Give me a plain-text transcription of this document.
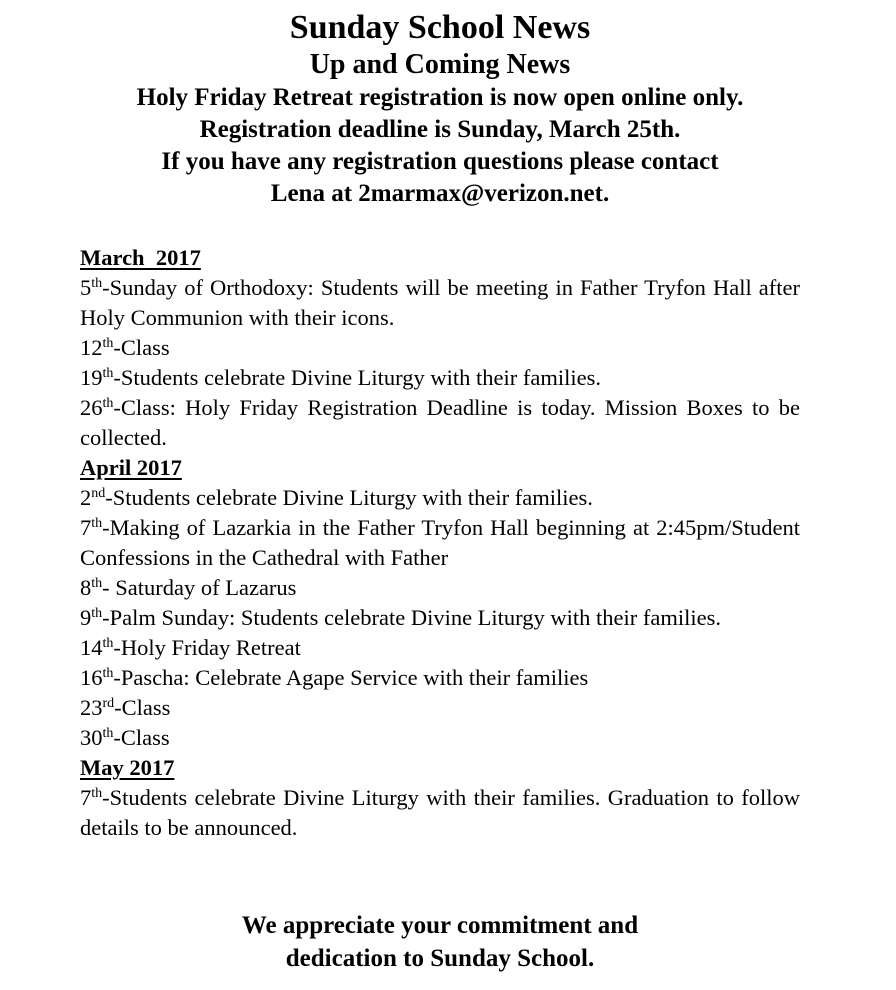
Sunday School News
Up and Coming News
Holy Friday Retreat registration is now open online only.
Registration deadline is Sunday, March 25th.
If you have any registration questions please contact
Lena at 2marmax@verizon.net.
March  2017
5th-Sunday of Orthodoxy: Students will be meeting in Father Tryfon Hall after Holy Communion with their icons.
12th-Class
19th-Students celebrate Divine Liturgy with their families.
26th-Class: Holy Friday Registration Deadline is today. Mission Boxes to be collected.
April 2017
2nd-Students celebrate Divine Liturgy with their families.
7th-Making of Lazarkia in the Father Tryfon Hall beginning at 2:45pm/Student Confessions in the Cathedral with Father
8th- Saturday of Lazarus
9th-Palm Sunday: Students celebrate Divine Liturgy with their families.
14th-Holy Friday Retreat
16th-Pascha: Celebrate Agape Service with their families
23rd-Class
30th-Class
May 2017
7th-Students celebrate Divine Liturgy with their families. Graduation to follow details to be announced.
We appreciate your commitment and
dedication to Sunday School.
